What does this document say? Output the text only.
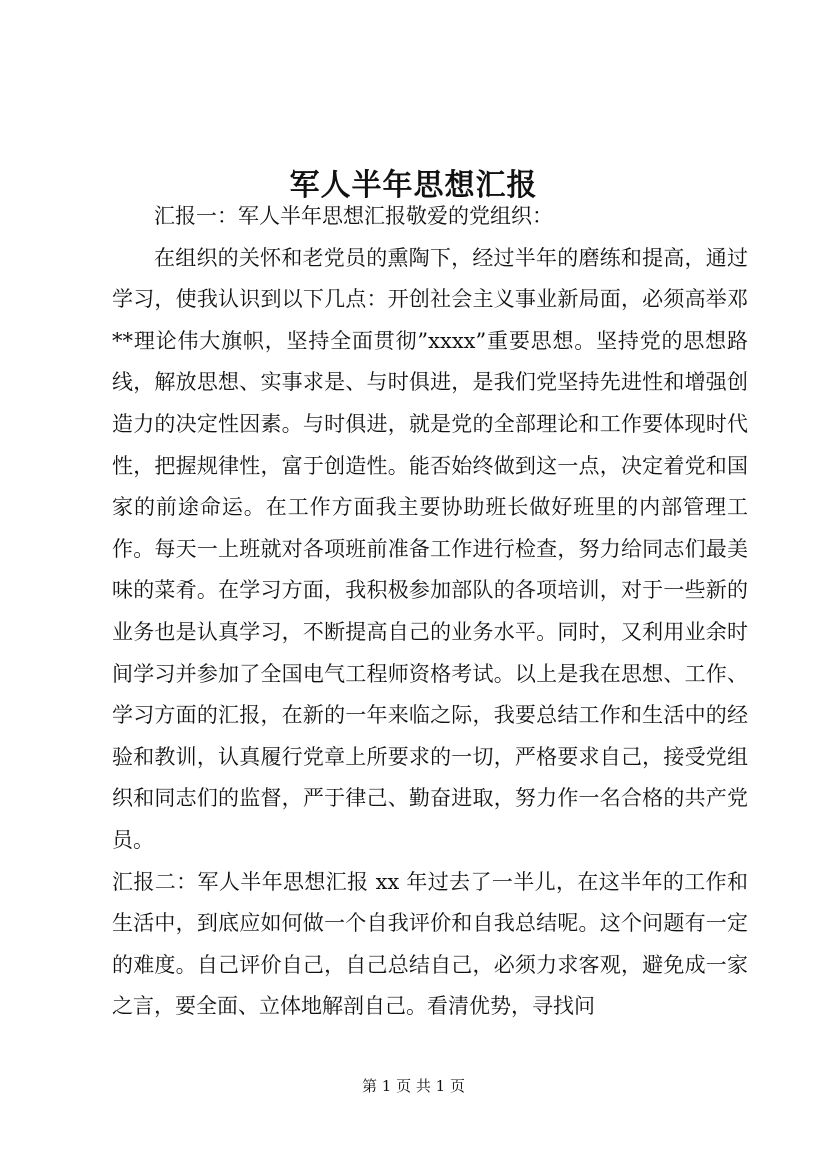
军人半年思想汇报

汇报一：军人半年思想汇报敬爱的党组织：

在组织的关怀和老党员的熏陶下，经过半年的磨练和提高，通过学习，使我认识到以下几点：开创社会主义事业新局面，必须高举邓**理论伟大旗帜，坚持全面贯彻”xxxx”重要思想。坚持党的思想路线，解放思想、实事求是、与时俱进，是我们党坚持先进性和增强创造力的决定性因素。与时俱进，就是党的全部理论和工作要体现时代性，把握规律性，富于创造性。能否始终做到这一点，决定着党和国家的前途命运。在工作方面我主要协助班长做好班里的内部管理工作。每天一上班就对各项班前准备工作进行检查，努力给同志们最美味的菜肴。在学习方面，我积极参加部队的各项培训，对于一些新的业务也是认真学习，不断提高自己的业务水平。同时，又利用业余时间学习并参加了全国电气工程师资格考试。以上是我在思想、工作、学习方面的汇报，在新的一年来临之际，我要总结工作和生活中的经验和教训，认真履行党章上所要求的一切，严格要求自己，接受党组织和同志们的监督，严于律己、勤奋进取，努力作一名合格的共产党员。

汇报二：军人半年思想汇报 xx 年过去了一半儿，在这半年的工作和生活中，到底应如何做一个自我评价和自我总结呢。这个问题有一定的难度。自己评价自己，自己总结自己，必须力求客观，避免成一家之言，要全面、立体地解剖自己。看清优势，寻找问

第 1 页 共 1 页
